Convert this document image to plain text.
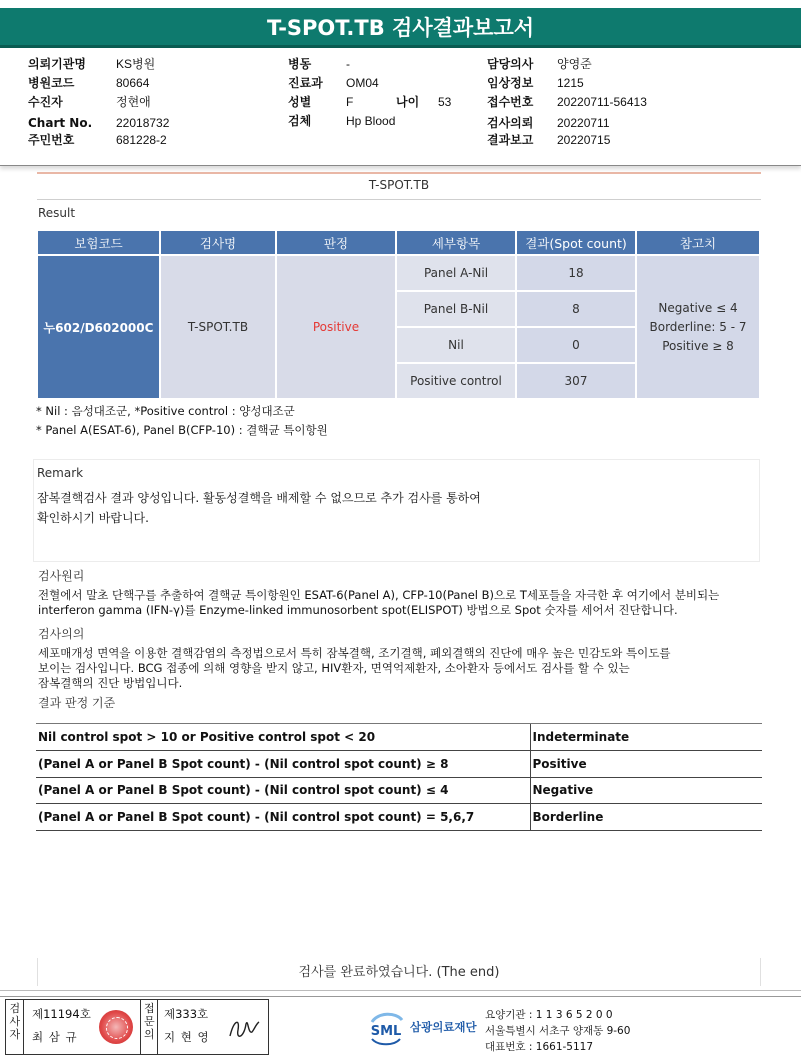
T-SPOT.TB 검사결과보고서
의뢰기관명	KS병원
병원코드	80664
수진자	정현애
Chart No. 22018732
주민번호	681228-2
병동	-
진료과 OM04
성별	F	나이 53
검체	Hp Blood
담당의사 양영준
임상정보 1215
접수번호 20220711-56413
검사의뢰 20220711
결과보고 20220715
T-SPOT.TB
Result
보험코드	검사명	판정	세부항목	결과(Spot count)	참고치
누602/D602000C	T-SPOT.TB	Positive	Panel A-Nil	18	Negative ≤ 4
Borderline: 5 - 7
Positive ≥ 8

			Panel B-Nil	8	
			Nil	0	
			Positive control	307	
* Nil : 음성대조군, *Positive control : 양성대조군
* Panel A(ESAT-6), Panel B(CFP-10) : 결핵균 특이항원
Remark
잠복결핵검사 결과 양성입니다. 활동성결핵을 배제할 수 없으므로 추가 검사를 통하여
확인하시기 바랍니다.
검사원리
전혈에서 말초 단핵구를 추출하여 결핵균 특이항원인 ESAT-6(Panel A), CFP-10(Panel B)으로 T세포들을 자극한 후 여기에서 분비되는
interferon gamma (IFN-γ)를 Enzyme-linked immunosorbent spot(ELISPOT) 방법으로 Spot 숫자를 세어서 진단합니다.
검사의의
세포매개성 면역을 이용한 결핵감염의 측정법으로서 특히 잠복결핵, 조기결핵, 폐외결핵의 진단에 매우 높은 민감도와 특이도를
보이는 검사입니다. BCG 접종에 의해 영향을 받지 않고, HIV환자, 면역억제환자, 소아환자 등에서도 검사를 할 수 있는
잠복결핵의 진단 방법입니다.
결과 판정 기준
Nil control spot > 10 or Positive control spot < 20	Indeterminate
(Panel A or Panel B Spot count) - (Nil control spot count) ≥ 8	Positive
(Panel A or Panel B Spot count) - (Nil control spot count) ≤ 4	Negative
(Panel A or Panel B Spot count) - (Nil control spot count) = 5,6,7	Borderline
검사를 완료하였습니다. (The end)
검사자
제11194호
최 삼 규
접문의
제333호
지 현 영	SML 삼광의료재단
요양기관 : 1 1 3 6 5 2 0 0
서울특별시 서초구 양재동 9-60
대표번호 : 1661-5117
